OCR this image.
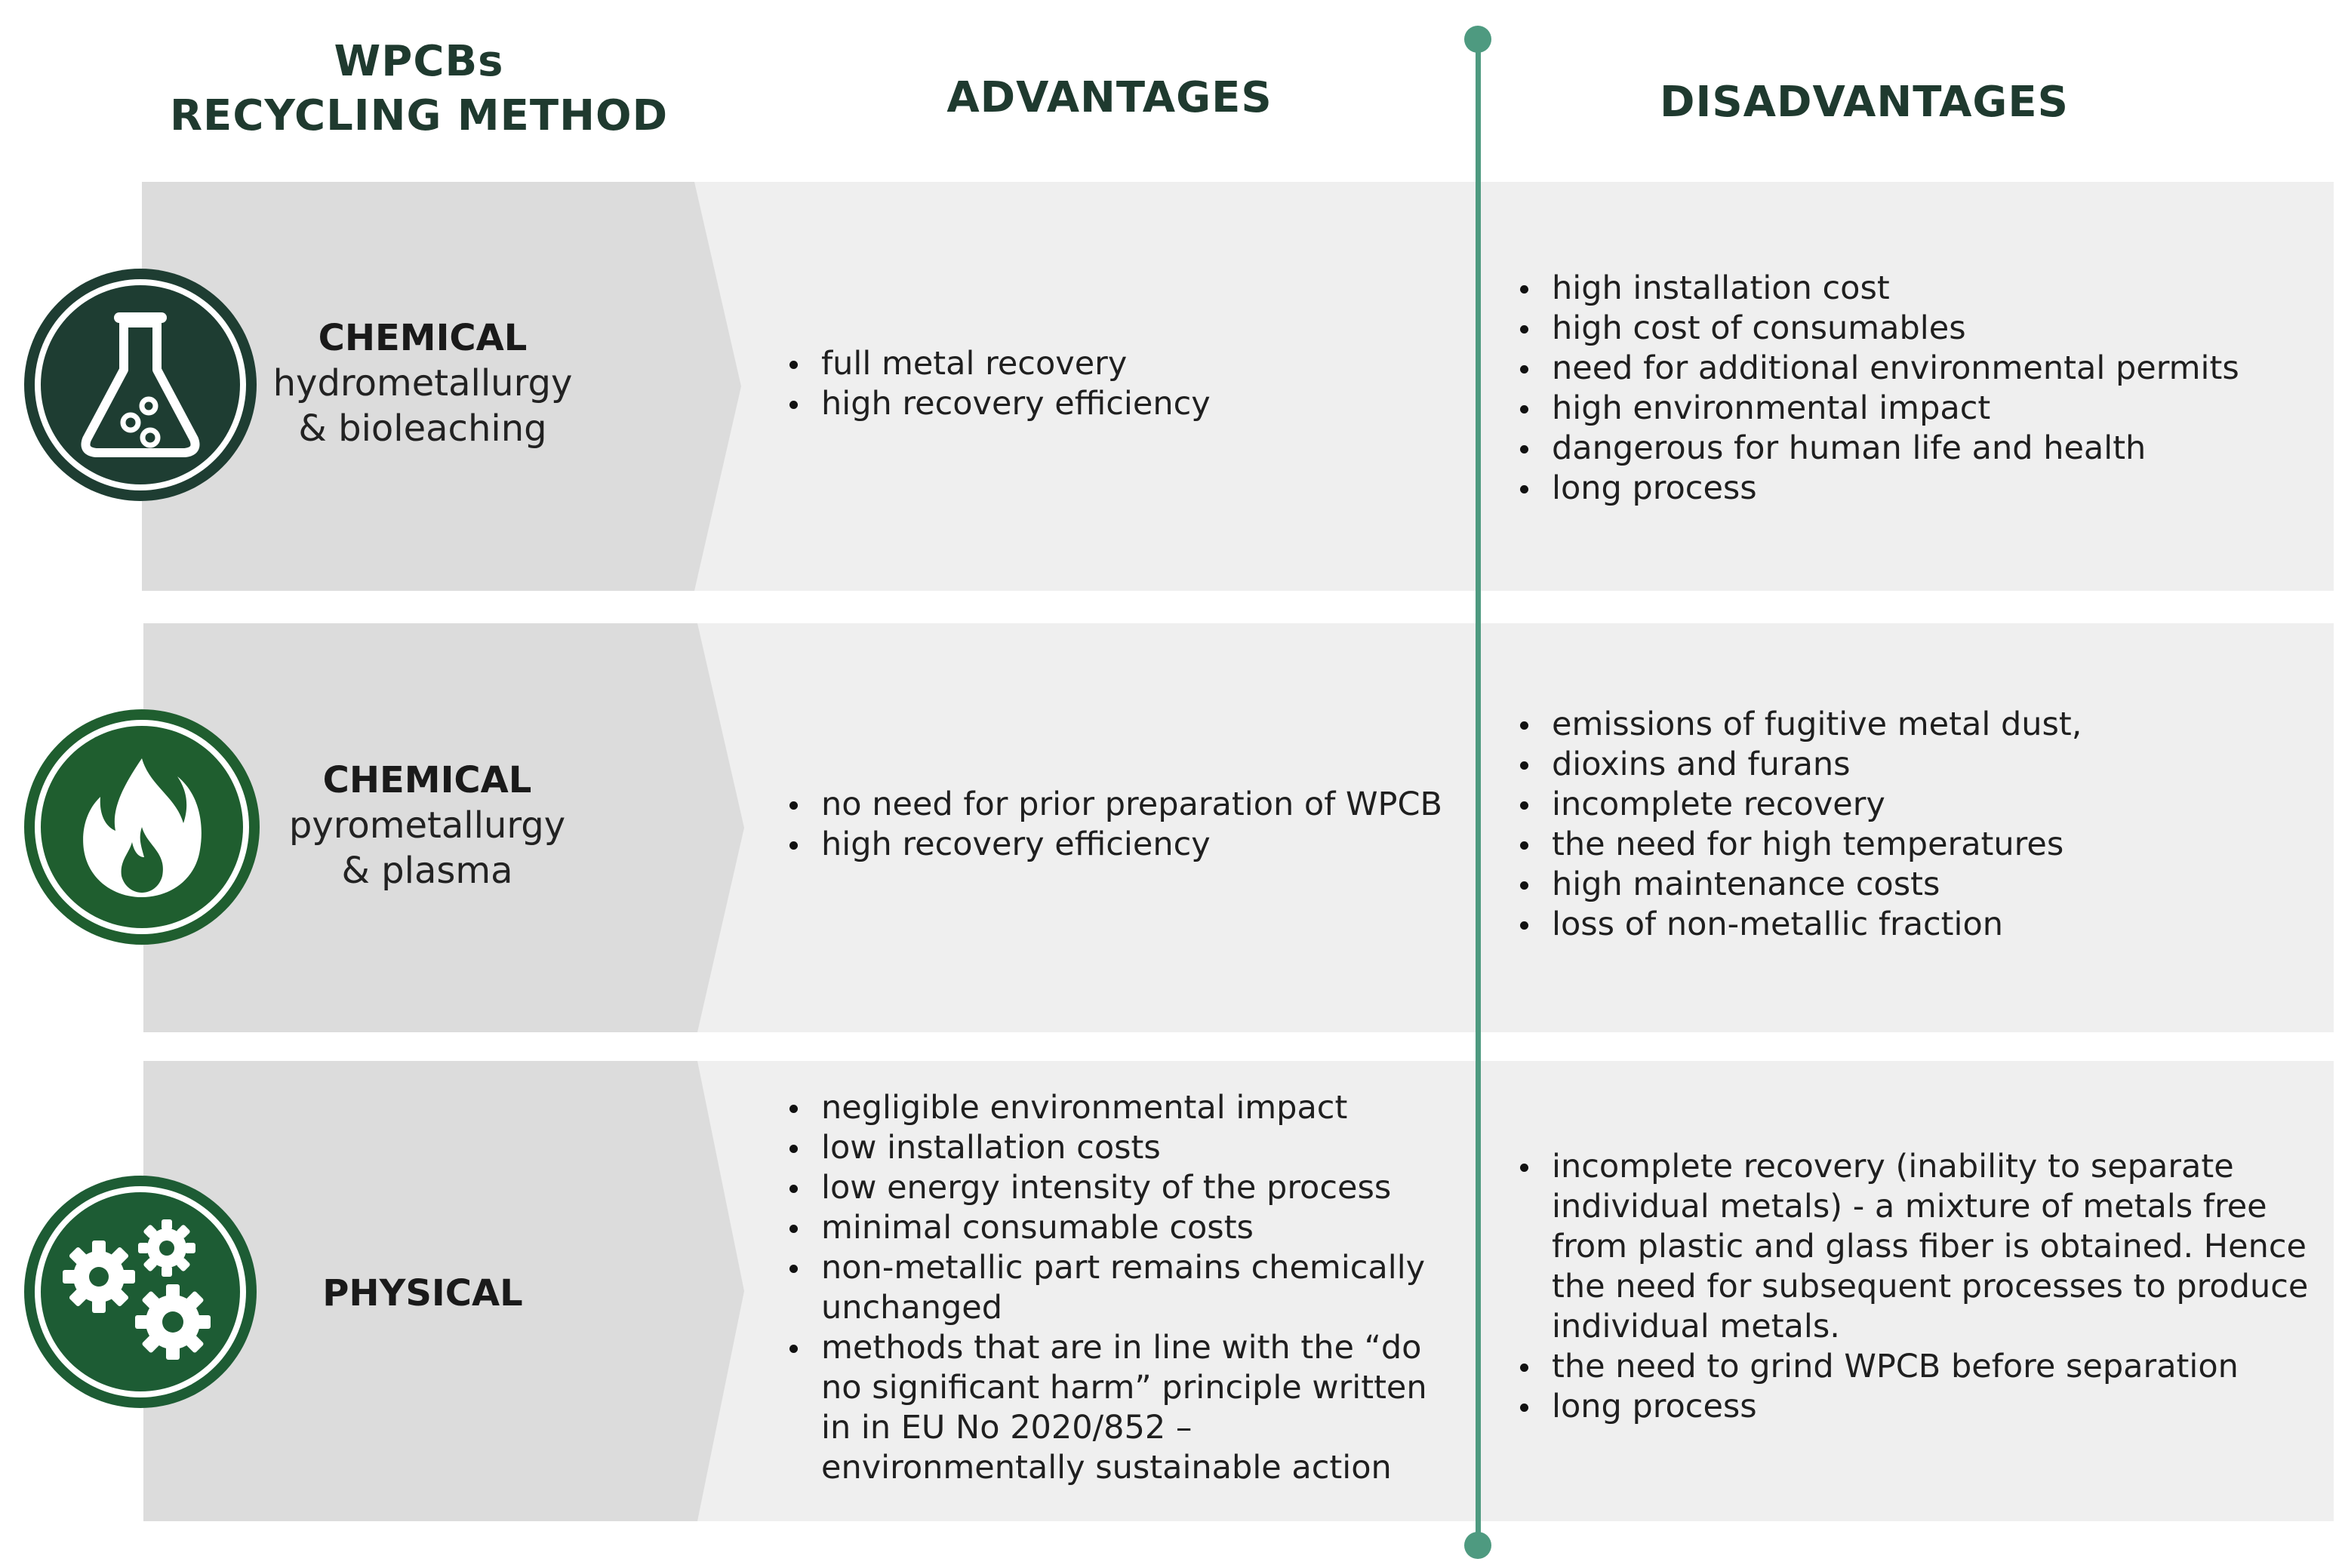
WPCBs
RECYCLING METHOD	ADVANTAGES	DISADVANTAGES
CHEMICAL
hydrometallurgy
& bioleaching
CHEMICAL
pyrometallurgy
& plasma
PHYSICAL
full metal recovery
high recovery efficiency
no need for prior preparation of WPCB
high recovery efficiency
negligible environmental impact
low installation costs
low energy intensity of the process
minimal consumable costs
non-metallic part remains chemically unchanged
methods that are in line with the “do no significant harm” principle written in in EU No 2020/852 – environmentally sustainable action
high installation cost
high cost of consumables
need for additional environmental permits
high environmental impact
dangerous for human life and health
long process
emissions of fugitive metal dust,
dioxins and furans
incomplete recovery
the need for high temperatures
high maintenance costs
loss of non-metallic fraction
incomplete recovery (inability to separate individual metals) - a mixture of metals free from plastic and glass fiber is obtained. Hence the need for subsequent processes to produce individual metals.
the need to grind WPCB before separation
long process
